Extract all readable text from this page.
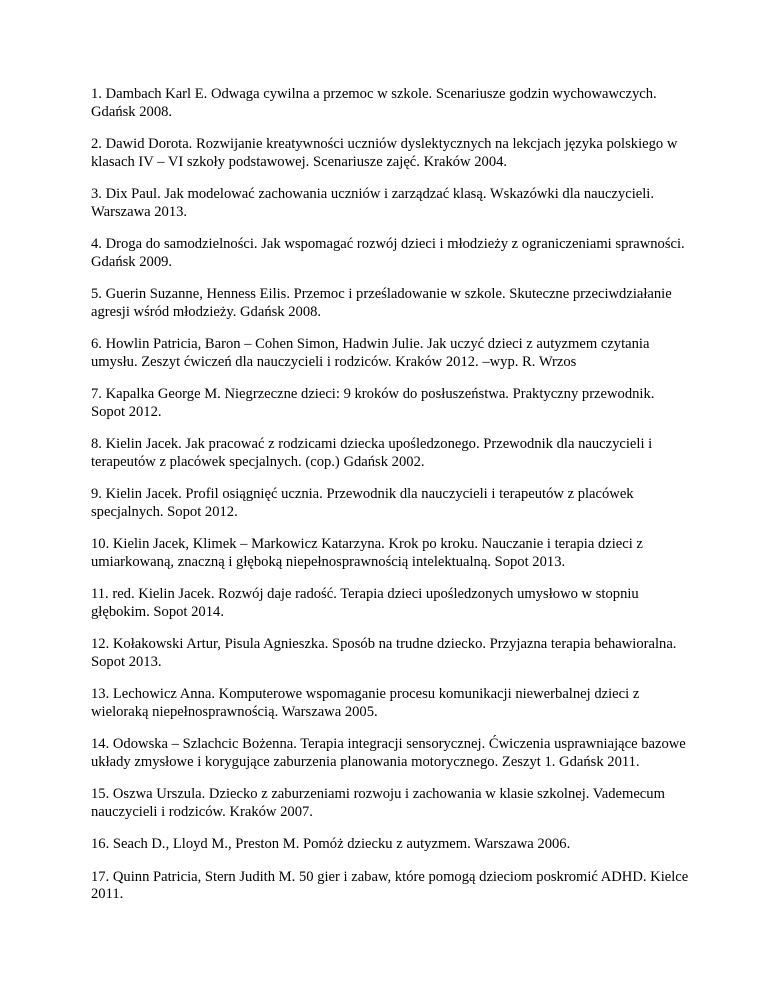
1. Dambach Karl E. Odwaga cywilna a przemoc w szkole. Scenariusze godzin wychowawczych. Gdańsk 2008.
2. Dawid Dorota. Rozwijanie kreatywności uczniów dyslektycznych na lekcjach języka polskiego w klasach IV – VI szkoły podstawowej. Scenariusze zajęć. Kraków 2004.
3. Dix Paul. Jak modelować zachowania uczniów i zarządzać klasą. Wskazówki dla nauczycieli. Warszawa 2013.
4. Droga do samodzielności. Jak wspomagać rozwój dzieci i młodzieży z ograniczeniami sprawności. Gdańsk 2009.
5. Guerin Suzanne, Henness Eilis. Przemoc i prześladowanie w szkole. Skuteczne przeciwdziałanie agresji wśród młodzieży. Gdańsk 2008.
6. Howlin Patricia, Baron – Cohen Simon, Hadwin Julie. Jak uczyć dzieci z autyzmem czytania umysłu. Zeszyt ćwiczeń dla nauczycieli i rodziców. Kraków 2012. –wyp. R. Wrzos
7. Kapalka George M. Niegrzeczne dzieci: 9 kroków do posłuszeństwa. Praktyczny przewodnik. Sopot 2012.
8. Kielin Jacek. Jak pracować z rodzicami dziecka upośledzonego. Przewodnik dla nauczycieli i terapeutów z placówek specjalnych. (cop.) Gdańsk 2002.
9. Kielin Jacek. Profil osiągnięć ucznia. Przewodnik dla nauczycieli i terapeutów z placówek specjalnych. Sopot 2012.
10. Kielin Jacek, Klimek – Markowicz Katarzyna. Krok po kroku. Nauczanie i terapia dzieci z umiarkowaną, znaczną i głęboką niepełnosprawnością intelektualną. Sopot 2013.
11. red. Kielin Jacek. Rozwój daje radość. Terapia dzieci upośledzonych umysłowo w stopniu głębokim. Sopot 2014.
12. Kołakowski Artur, Pisula Agnieszka. Sposób na trudne dziecko. Przyjazna terapia behawioralna. Sopot 2013.
13. Lechowicz Anna. Komputerowe wspomaganie procesu komunikacji niewerbalnej dzieci z wieloraką niepełnosprawnością. Warszawa 2005.
14. Odowska – Szlachcic Bożenna. Terapia integracji sensorycznej. Ćwiczenia usprawniające bazowe układy zmysłowe i korygujące zaburzenia planowania motorycznego. Zeszyt 1. Gdańsk 2011.
15. Oszwa Urszula. Dziecko z zaburzeniami rozwoju i zachowania w klasie szkolnej. Vademecum nauczycieli i rodziców. Kraków 2007.
16. Seach D., Lloyd M., Preston M. Pomóż dziecku z autyzmem. Warszawa 2006.
17. Quinn Patricia, Stern Judith M. 50 gier i zabaw, które pomogą dzieciom poskromić ADHD. Kielce 2011.
